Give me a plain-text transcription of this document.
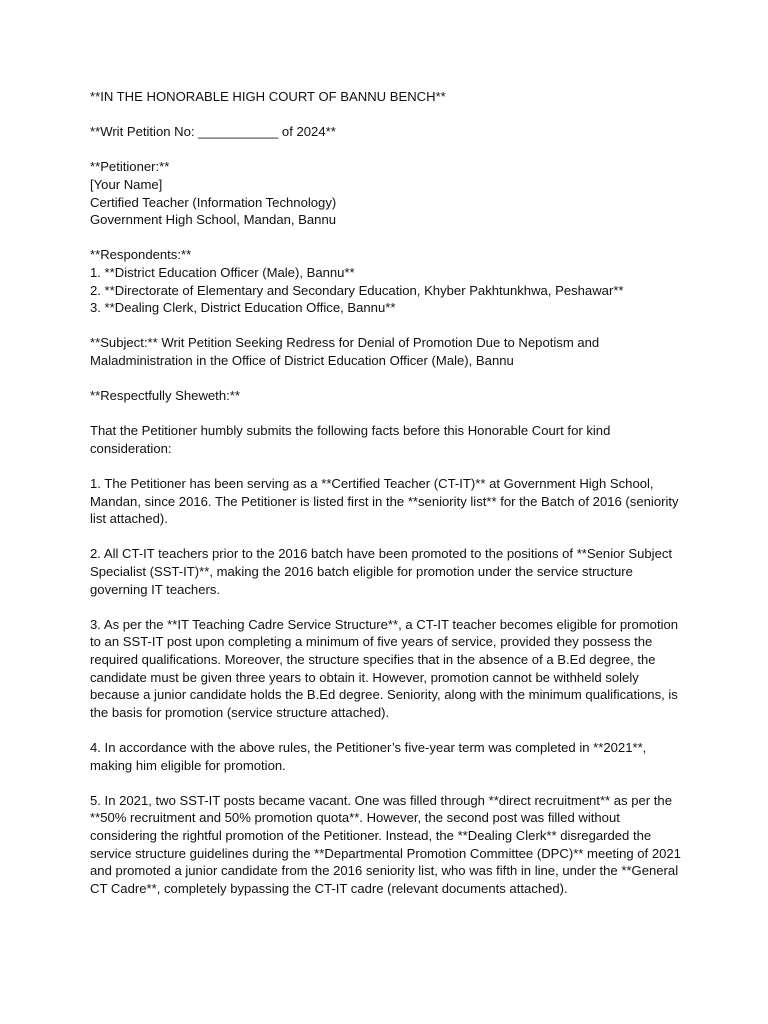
**IN THE HONORABLE HIGH COURT OF BANNU BENCH**

**Writ Petition No: ___________ of 2024**

**Petitioner:**
[Your Name]
Certified Teacher (Information Technology)
Government High School, Mandan, Bannu

**Respondents:**
1. **District Education Officer (Male), Bannu**
2. **Directorate of Elementary and Secondary Education, Khyber Pakhtunkhwa, Peshawar**
3. **Dealing Clerk, District Education Office, Bannu**

**Subject:** Writ Petition Seeking Redress for Denial of Promotion Due to Nepotism and Maladministration in the Office of District Education Officer (Male), Bannu

**Respectfully Sheweth:**

That the Petitioner humbly submits the following facts before this Honorable Court for kind consideration:

1. The Petitioner has been serving as a **Certified Teacher (CT-IT)** at Government High School, Mandan, since 2016. The Petitioner is listed first in the **seniority list** for the Batch of 2016 (seniority list attached).

2. All CT-IT teachers prior to the 2016 batch have been promoted to the positions of **Senior Subject Specialist (SST-IT)**, making the 2016 batch eligible for promotion under the service structure governing IT teachers.

3. As per the **IT Teaching Cadre Service Structure**, a CT-IT teacher becomes eligible for promotion to an SST-IT post upon completing a minimum of five years of service, provided they possess the required qualifications. Moreover, the structure specifies that in the absence of a B.Ed degree, the candidate must be given three years to obtain it. However, promotion cannot be withheld solely because a junior candidate holds the B.Ed degree. Seniority, along with the minimum qualifications, is the basis for promotion (service structure attached).

4. In accordance with the above rules, the Petitioner’s five-year term was completed in **2021**, making him eligible for promotion.

5. In 2021, two SST-IT posts became vacant. One was filled through **direct recruitment** as per the **50% recruitment and 50% promotion quota**. However, the second post was filled without considering the rightful promotion of the Petitioner. Instead, the **Dealing Clerk** disregarded the service structure guidelines during the **Departmental Promotion Committee (DPC)** meeting of 2021 and promoted a junior candidate from the 2016 seniority list, who was fifth in line, under the **General CT Cadre**, completely bypassing the CT-IT cadre (relevant documents attached).
